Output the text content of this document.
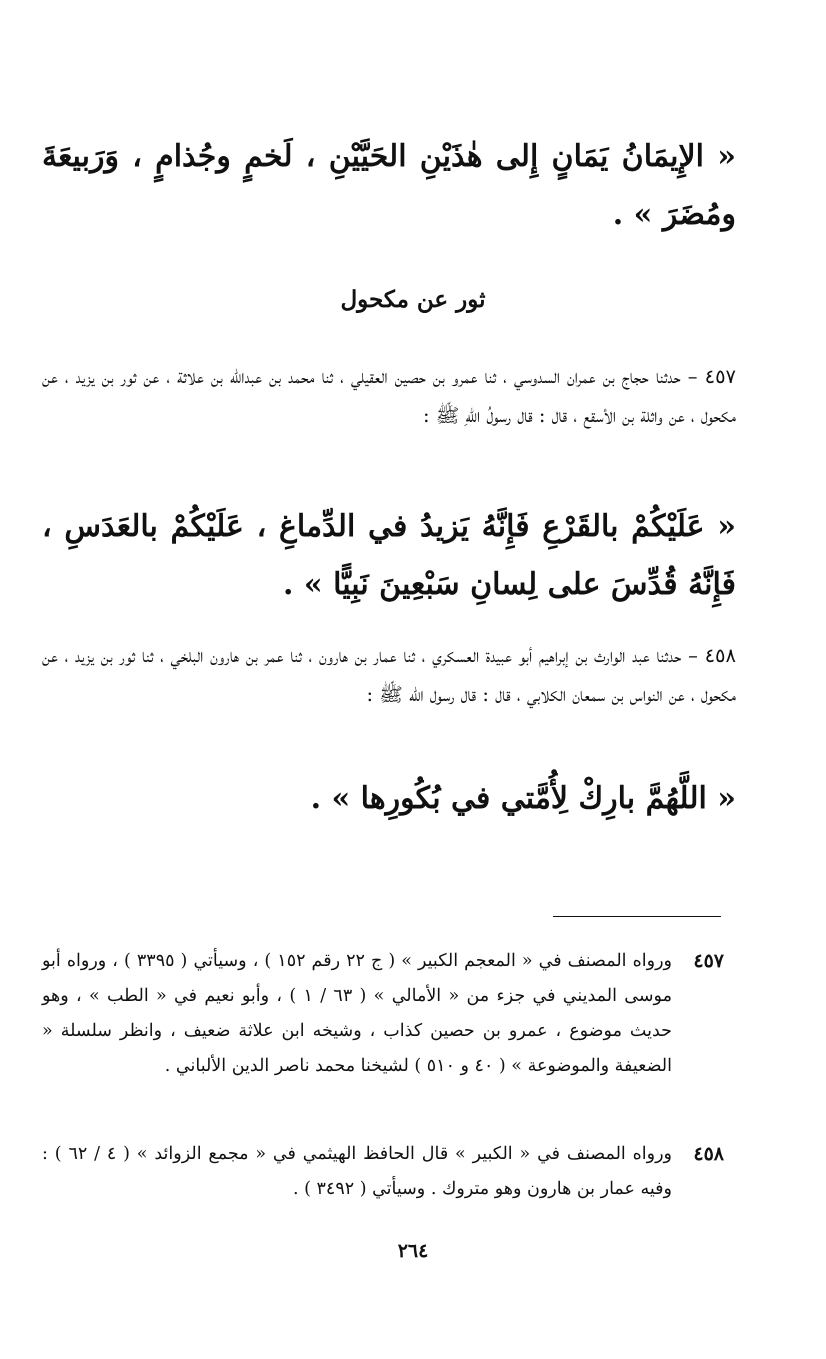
« الإِيمَانُ يَمَانٍ إِلى هٰذَيْنِ الحَيَّيْنِ ، لَخمٍ وجُذامٍ ، وَرَبيعَةَ ومُضَرَ » .
ثور عن مكحول
٤٥٧ – حدثنا حجاج بن عمران السدوسي ، ثنا عمرو بن حصين العقيلي ، ثنا محمد بن عبدالله بن علاثة ، عن ثور بن يزيد ، عن مكحول ، عن واثلة بن الأسقع ، قال : قال رسولُ اللهِ ﷺ :
« عَلَيْكُمْ بالقَرْعِ فَإِنَّهُ يَزيدُ في الدِّماغِ ، عَلَيْكُمْ بالعَدَسِ ، فَإِنَّهُ قُدِّسَ على لِسانِ سَبْعِينَ نَبِيًّا » .
٤٥٨ – حدثنا عبد الوارث بن إبراهيم أبو عبيدة العسكري ، ثنا عمار بن هارون ، ثنا عمر بن هارون البلخي ، ثنا ثور بن يزيد ، عن مكحول ، عن النواس بن سمعان الكلابي ، قال : قال رسول الله ﷺ :
« اللَّهُمَّ بارِكْ لِأُمَّتي في بُكُورِها » .
٤٥٧
ورواه المصنف في « المعجم الكبير » ( ج ٢٢ رقم ١٥٢ ) ، وسيأتي ( ٣٣٩٥ ) ، ورواه أبو موسى المديني في جزء من « الأمالي » ( ٦٣ / ١ ) ، وأبو نعيم في « الطب » ، وهو حديث موضوع ، عمرو بن حصين كذاب ، وشيخه ابن علاثة ضعيف ، وانظر سلسلة « الضعيفة والموضوعة » ( ٤٠ و ٥١٠ ) لشيخنا محمد ناصر الدين الألباني .
٤٥٨
ورواه المصنف في « الكبير » قال الحافظ الهيثمي في « مجمع الزوائد » ( ٤ / ٦٢ ) : وفيه عمار بن هارون وهو متروك . وسيأتي ( ٣٤٩٢ ) .
٢٦٤
